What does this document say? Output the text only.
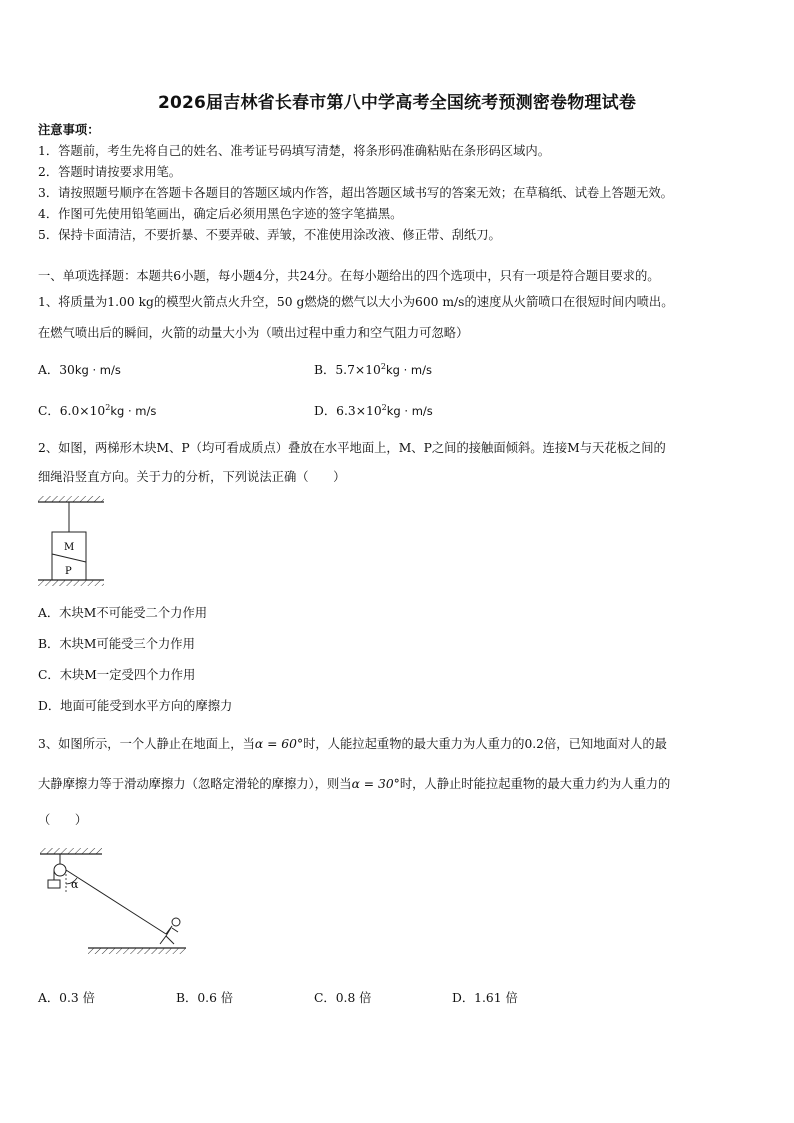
2026届吉林省长春市第八中学高考全国统考预测密卷物理试卷
注意事项：
1．答题前，考生先将自己的姓名、准考证号码填写清楚，将条形码准确粘贴在条形码区域内。
2．答题时请按要求用笔。
3．请按照题号顺序在答题卡各题目的答题区域内作答，超出答题区域书写的答案无效；在草稿纸、试卷上答题无效。
4．作图可先使用铅笔画出，确定后必须用黑色字迹的签字笔描黑。
5．保持卡面清洁，不要折暴、不要弄破、弄皱，不准使用涂改液、修正带、刮纸刀。
一、单项选择题：本题共6小题，每小题4分，共24分。在每小题给出的四个选项中，只有一项是符合题目要求的。
1、将质量为1.00 kg的模型火箭点火升空，50 g燃烧的燃气以大小为600 m/s的速度从火箭喷口在很短时间内喷出。
在燃气喷出后的瞬间，火箭的动量大小为（喷出过程中重力和空气阻力可忽略）
A．30kg · m/s	B．$5.7\times 10^2kg \cdot m/s$
C．$6.0\times 10^2kg \cdot m/s$	D．$6.3\times 10^2kg \cdot m/s$
2、如图，两梯形木块M、P（均可看成质点）叠放在水平地面上，M、P之间的接触面倾斜。连接M与天花板之间的
细绳沿竖直方向。关于力的分析，下列说法正确（　　）
M
P
A．木块M不可能受二个力作用
B．木块M可能受三个力作用
C．木块M一定受四个力作用
D．地面可能受到水平方向的摩擦力
3、如图所示，一个人静止在地面上，当α = 60°时，人能拉起重物的最大重力为人重力的0.2倍，已知地面对人的最
大静摩擦力等于滑动摩擦力（忽略定滑轮的摩擦力），则当α = 30°时，人静止时能拉起重物的最大重力约为人重力的
（　　）
α
A．0.3 倍	B．0.6 倍	C．0.8 倍	D．1.61 倍
